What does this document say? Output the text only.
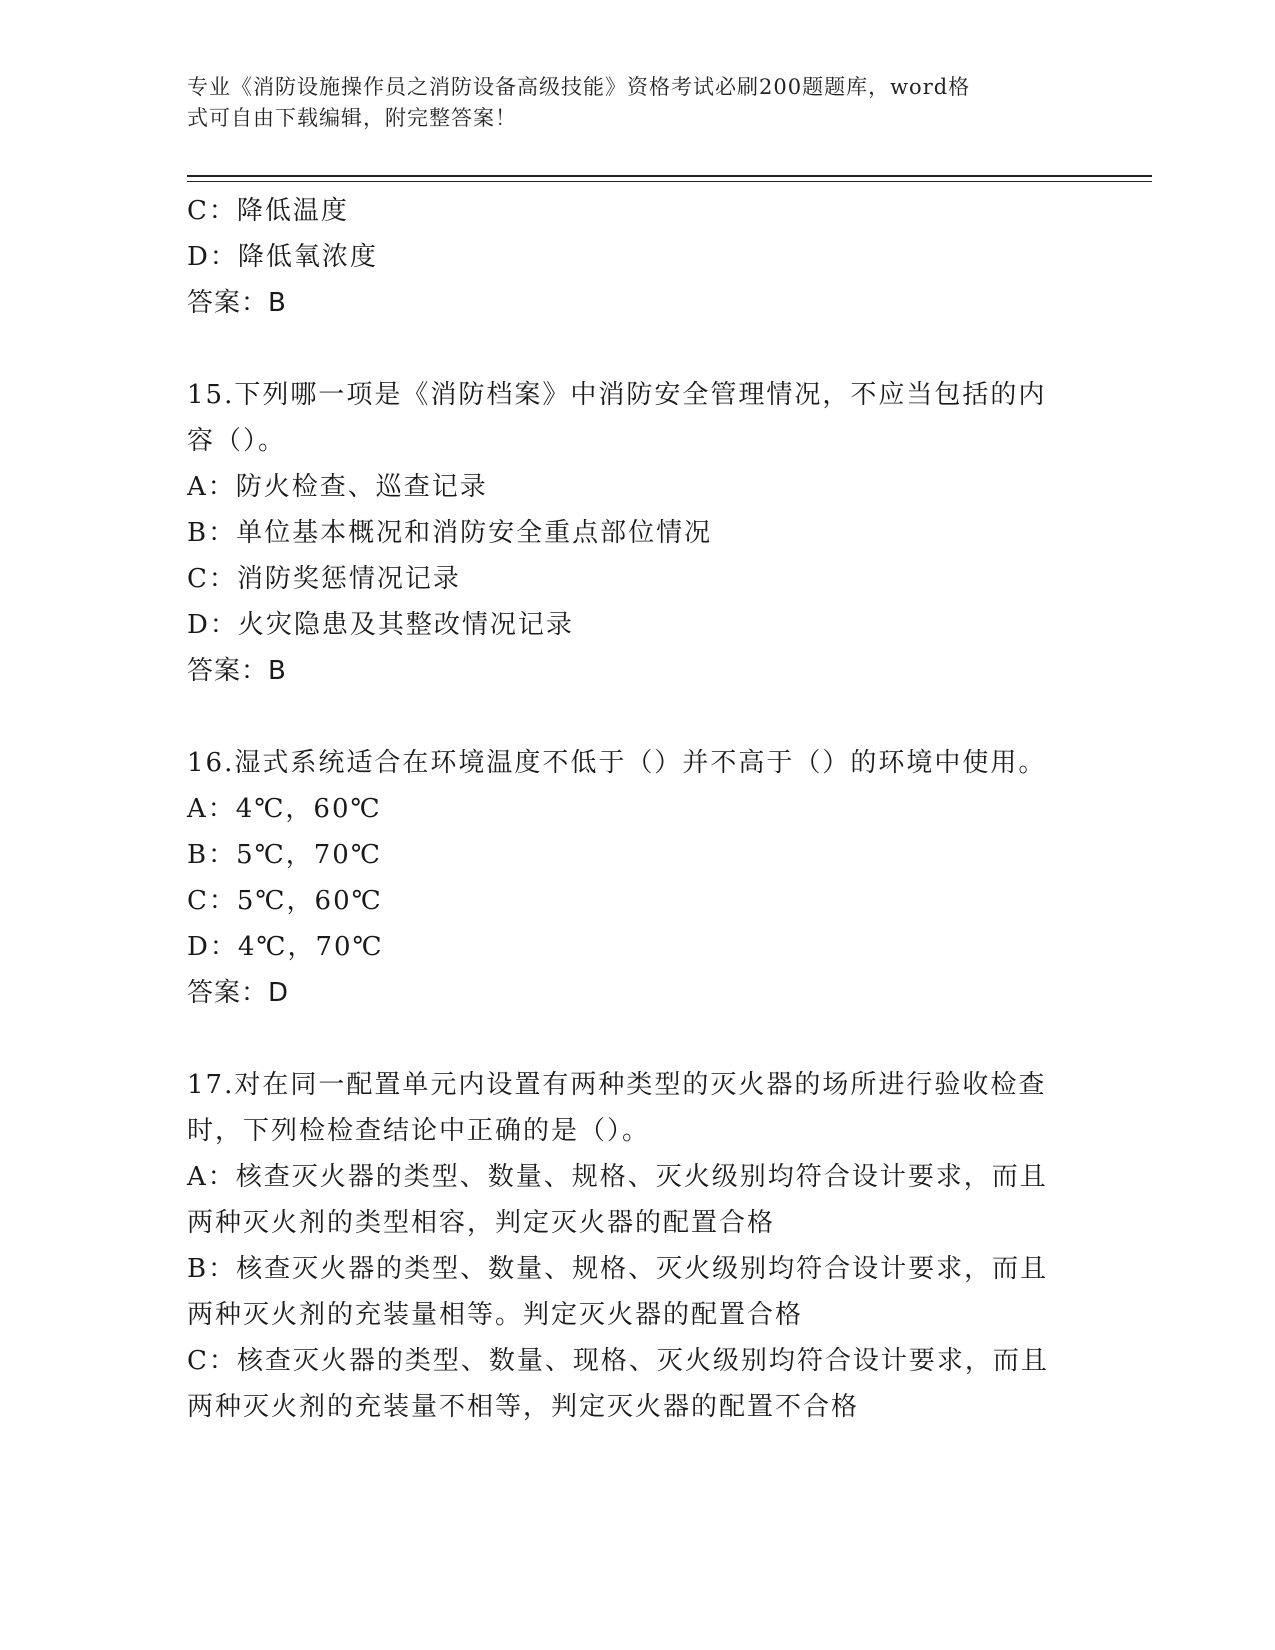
专业《消防设施操作员之消防设备高级技能》资格考试必刷200题题库，word格
式可自由下载编辑，附完整答案！
C：降低温度
D：降低氧浓度
答案：B
15.下列哪一项是《消防档案》中消防安全管理情况，不应当包括的内
容（）。
A：防火检查、巡查记录
B：单位基本概况和消防安全重点部位情况
C：消防奖惩情况记录
D：火灾隐患及其整改情况记录
答案：B
16.湿式系统适合在环境温度不低于（）并不高于（）的环境中使用。
A：4℃，60℃
B：5℃，70℃
C：5℃，60℃
D：4℃，70℃
答案：D
17.对在同一配置单元内设置有两种类型的灭火器的场所进行验收检查
时，下列检检查结论中正确的是（）。
A：核查灭火器的类型、数量、规格、灭火级别均符合设计要求，而且
两种灭火剂的类型相容，判定灭火器的配置合格
B：核查灭火器的类型、数量、规格、灭火级别均符合设计要求，而且
两种灭火剂的充装量相等。判定灭火器的配置合格
C：核查灭火器的类型、数量、现格、灭火级别均符合设计要求，而且
两种灭火剂的充装量不相等，判定灭火器的配置不合格
